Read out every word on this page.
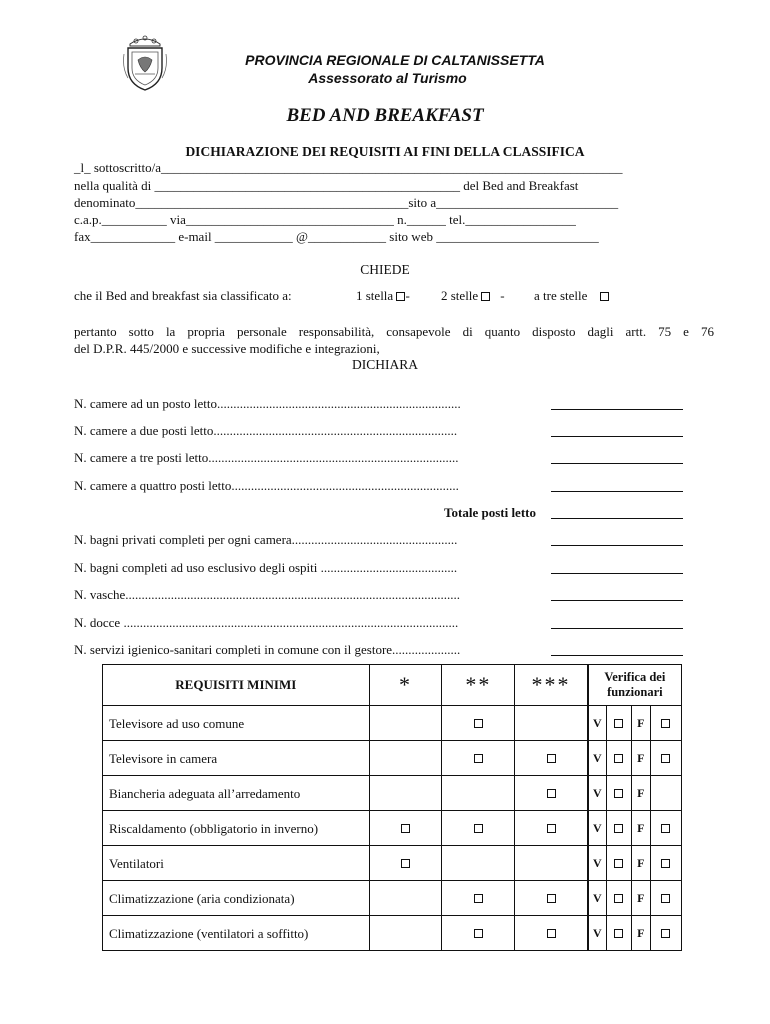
PROVINCIA REGIONALE DI CALTANISSETTA
Assessorato al Turismo
BED AND BREAKFAST
DICHIARAZIONE DEI REQUISITI AI FINI DELLA CLASSIFICA
_l_ sottoscritto/a_______________________________________________________________________
nella qualità di _______________________________________________ del Bed and Breakfast
denominato__________________________________________sito a____________________________
c.a.p.__________ via________________________________ n.______ tel._________________
fax_____________ e-mail ____________ @____________ sito web _________________________
CHIEDE
che il Bed and breakfast sia classificato a:	1 stella - 2 stelle - a tre stelle
pertanto sotto la propria personale responsabilità, consapevole di quanto disposto dagli artt. 75 e 76
del D.P.R. 445/2000 e successive modifiche e integrazioni,
DICHIARA
N. camere ad un posto letto...........................................................................
N. camere a due posti letto...........................................................................
N. camere a tre posti letto.............................................................................
N. camere a quattro posti letto......................................................................
Totale posti letto
N. bagni privati completi per ogni camera...................................................
N. bagni completi ad uso esclusivo degli ospiti ..........................................
N. vasche.......................................................................................................
N. docce .......................................................................................................
N. servizi igienico-sanitari completi in comune con il gestore.....................
REQUISITI MINIMI	*	**	***	Verifica dei
funzionari			

Televisore ad uso comune				V		F	
Televisore in camera				V		F	
Biancheria adeguata all’arredamento				V		F	
Riscaldamento (obbligatorio in inverno)				V		F	
Ventilatori				V		F	
Climatizzazione (aria condizionata)				V		F	
Climatizzazione (ventilatori a soffitto)				V		F	
